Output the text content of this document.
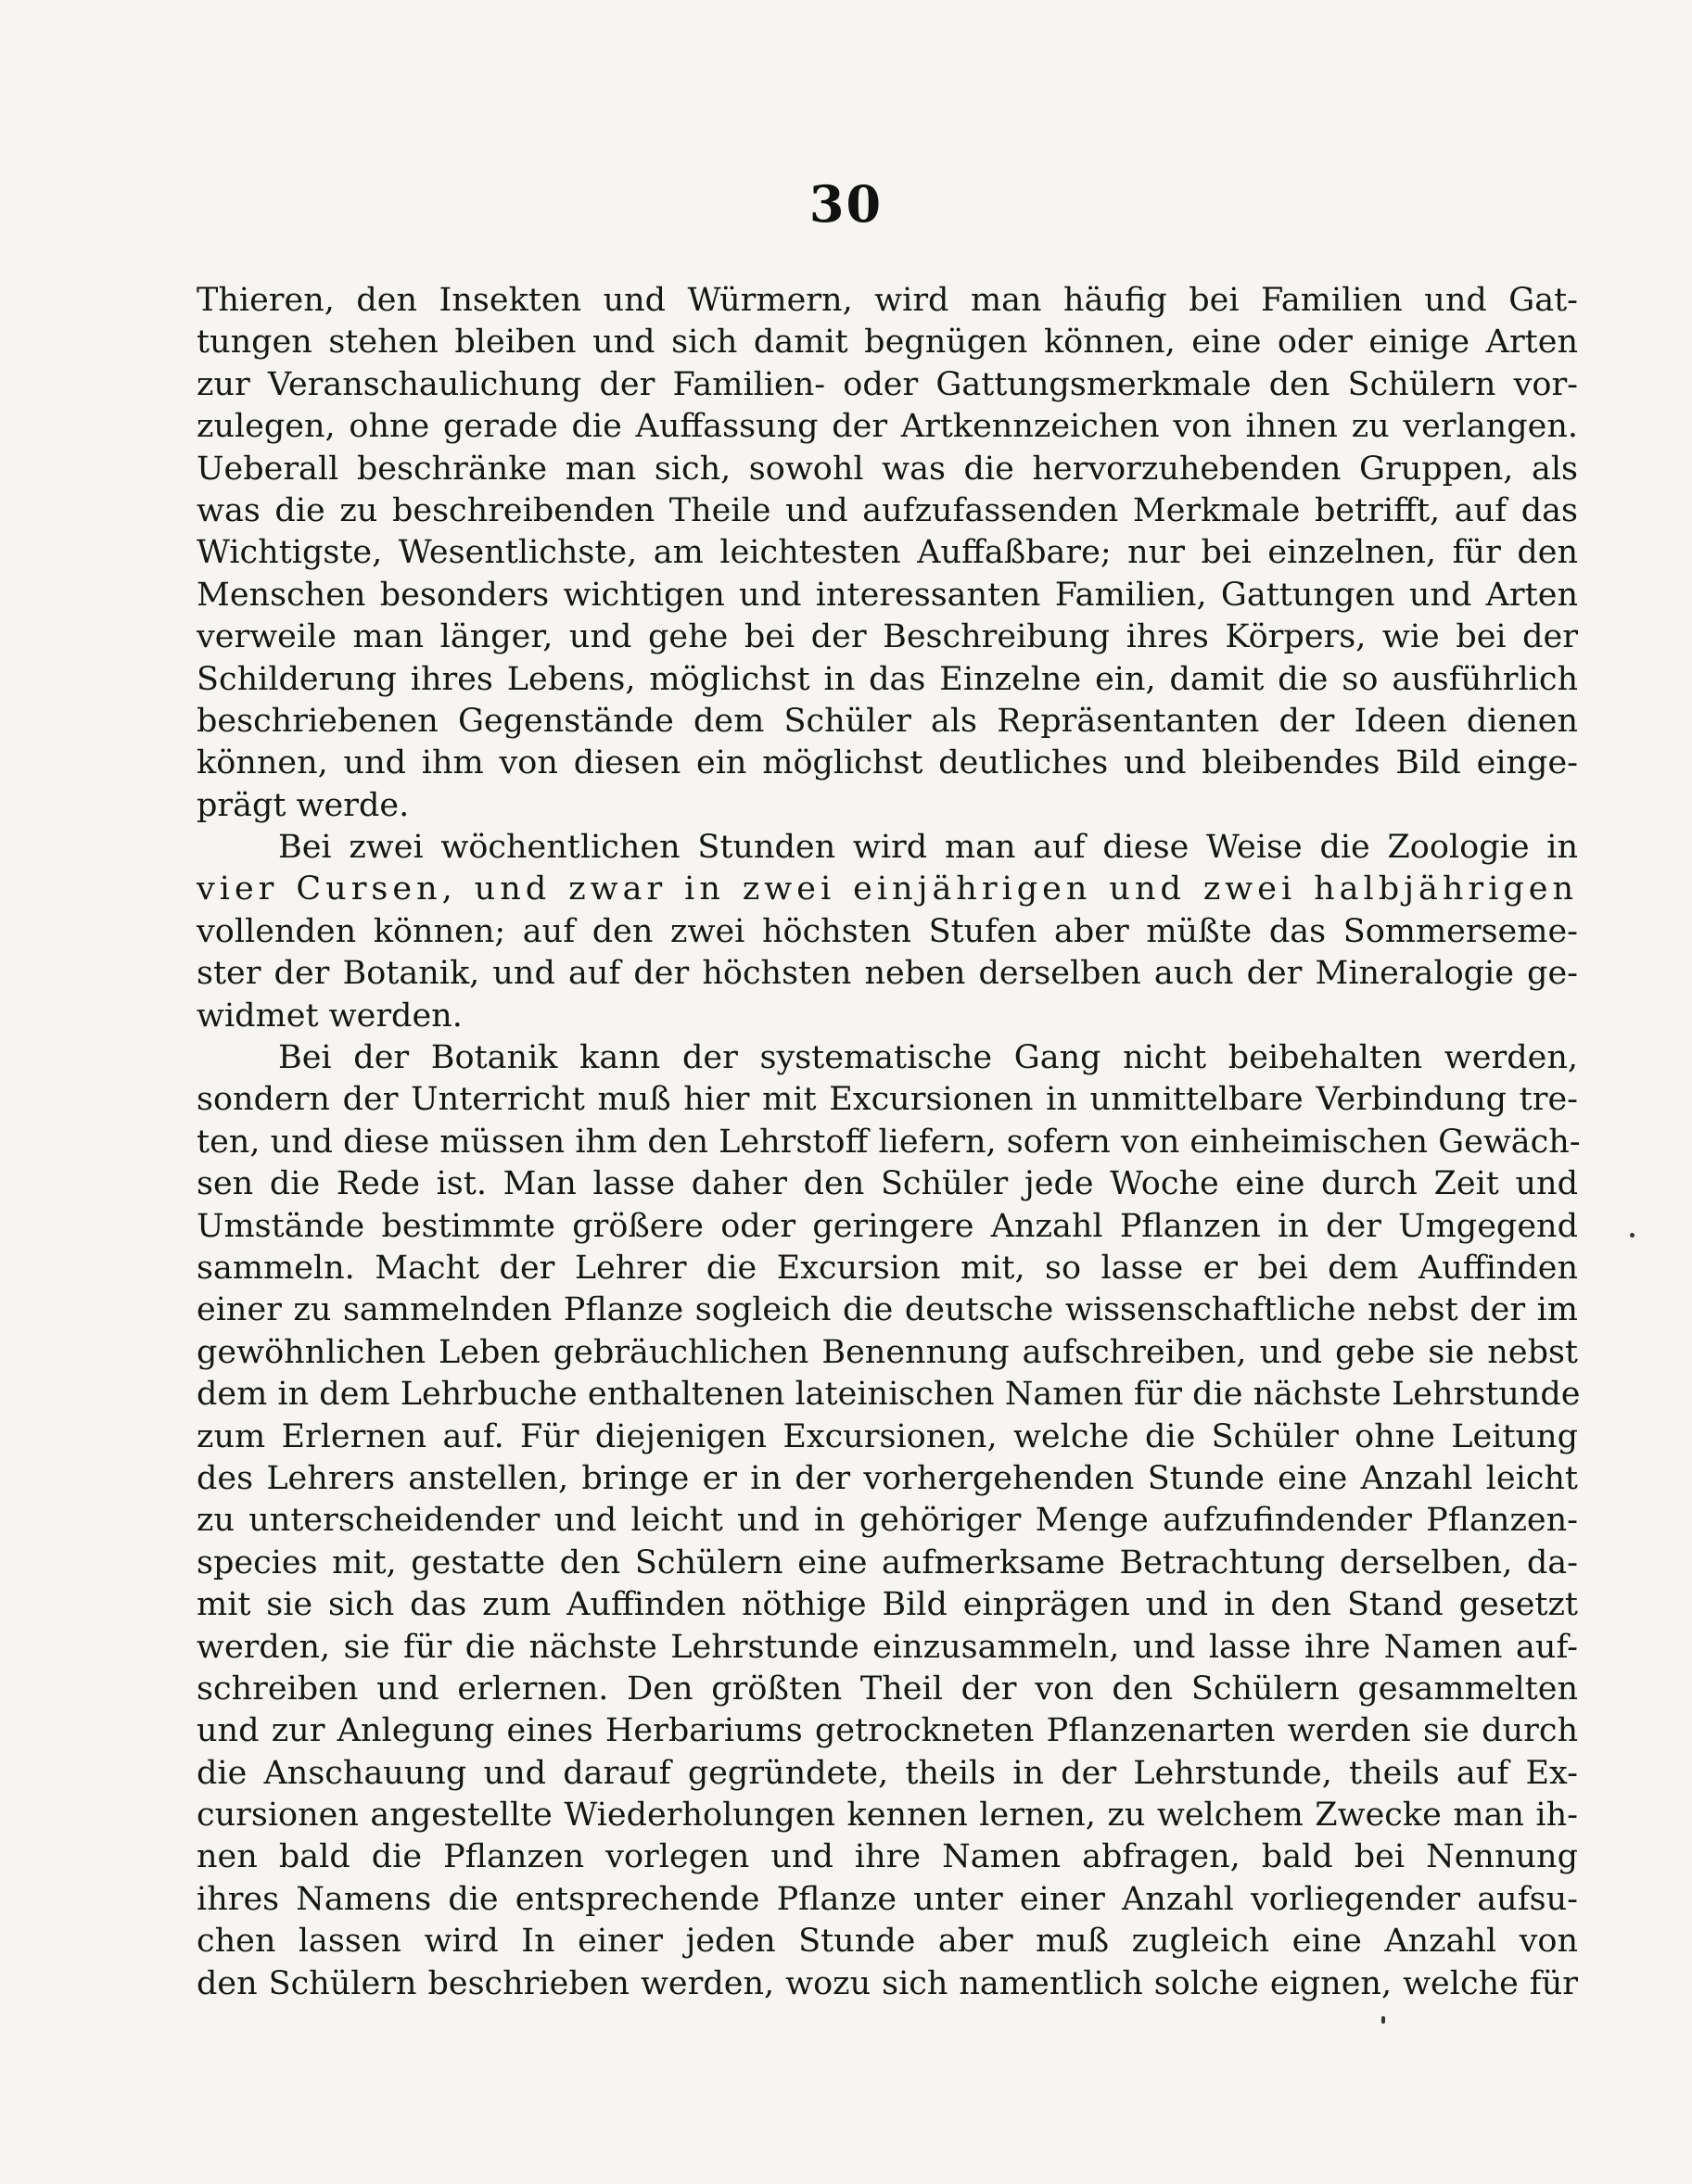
30
Thieren, den Insekten und Würmern, wird man häufig bei Familien und Gat-
tungen stehen bleiben und sich damit begnügen können, eine oder einige Arten
zur Veranschaulichung der Familien- oder Gattungsmerkmale den Schülern vor-
zulegen, ohne gerade die Auffassung der Artkennzeichen von ihnen zu verlangen.
Ueberall beschränke man sich, sowohl was die hervorzuhebenden Gruppen, als
was die zu beschreibenden Theile und aufzufassenden Merkmale betrifft, auf das
Wichtigste, Wesentlichste, am leichtesten Auffaßbare; nur bei einzelnen, für den
Menschen besonders wichtigen und interessanten Familien, Gattungen und Arten
verweile man länger, und gehe bei der Beschreibung ihres Körpers, wie bei der
Schilderung ihres Lebens, möglichst in das Einzelne ein, damit die so ausführlich
beschriebenen Gegenstände dem Schüler als Repräsentanten der Ideen dienen
können, und ihm von diesen ein möglichst deutliches und bleibendes Bild einge-
prägt werde.
Bei zwei wöchentlichen Stunden wird man auf diese Weise die Zoologie in
vier Cursen, und zwar in zwei einjährigen und zwei halbjährigen
vollenden können; auf den zwei höchsten Stufen aber müßte das Sommerseme-
ster der Botanik, und auf der höchsten neben derselben auch der Mineralogie ge-
widmet werden.
Bei der Botanik kann der systematische Gang nicht beibehalten werden,
sondern der Unterricht muß hier mit Excursionen in unmittelbare Verbindung tre-
ten, und diese müssen ihm den Lehrstoff liefern, sofern von einheimischen Gewäch-
sen die Rede ist. Man lasse daher den Schüler jede Woche eine durch Zeit und
Umstände bestimmte größere oder geringere Anzahl Pflanzen in der Umgegend
sammeln. Macht der Lehrer die Excursion mit, so lasse er bei dem Auffinden
einer zu sammelnden Pflanze sogleich die deutsche wissenschaftliche nebst der im
gewöhnlichen Leben gebräuchlichen Benennung aufschreiben, und gebe sie nebst
dem in dem Lehrbuche enthaltenen lateinischen Namen für die nächste Lehrstunde
zum Erlernen auf. Für diejenigen Excursionen, welche die Schüler ohne Leitung
des Lehrers anstellen, bringe er in der vorhergehenden Stunde eine Anzahl leicht
zu unterscheidender und leicht und in gehöriger Menge aufzufindender Pflanzen-
species mit, gestatte den Schülern eine aufmerksame Betrachtung derselben, da-
mit sie sich das zum Auffinden nöthige Bild einprägen und in den Stand gesetzt
werden, sie für die nächste Lehrstunde einzusammeln, und lasse ihre Namen auf-
schreiben und erlernen. Den größten Theil der von den Schülern gesammelten
und zur Anlegung eines Herbariums getrockneten Pflanzenarten werden sie durch
die Anschauung und darauf gegründete, theils in der Lehrstunde, theils auf Ex-
cursionen angestellte Wiederholungen kennen lernen, zu welchem Zwecke man ih-
nen bald die Pflanzen vorlegen und ihre Namen abfragen, bald bei Nennung
ihres Namens die entsprechende Pflanze unter einer Anzahl vorliegender aufsu-
chen lassen wird In einer jeden Stunde aber muß zugleich eine Anzahl von
den Schülern beschrieben werden, wozu sich namentlich solche eignen, welche für
